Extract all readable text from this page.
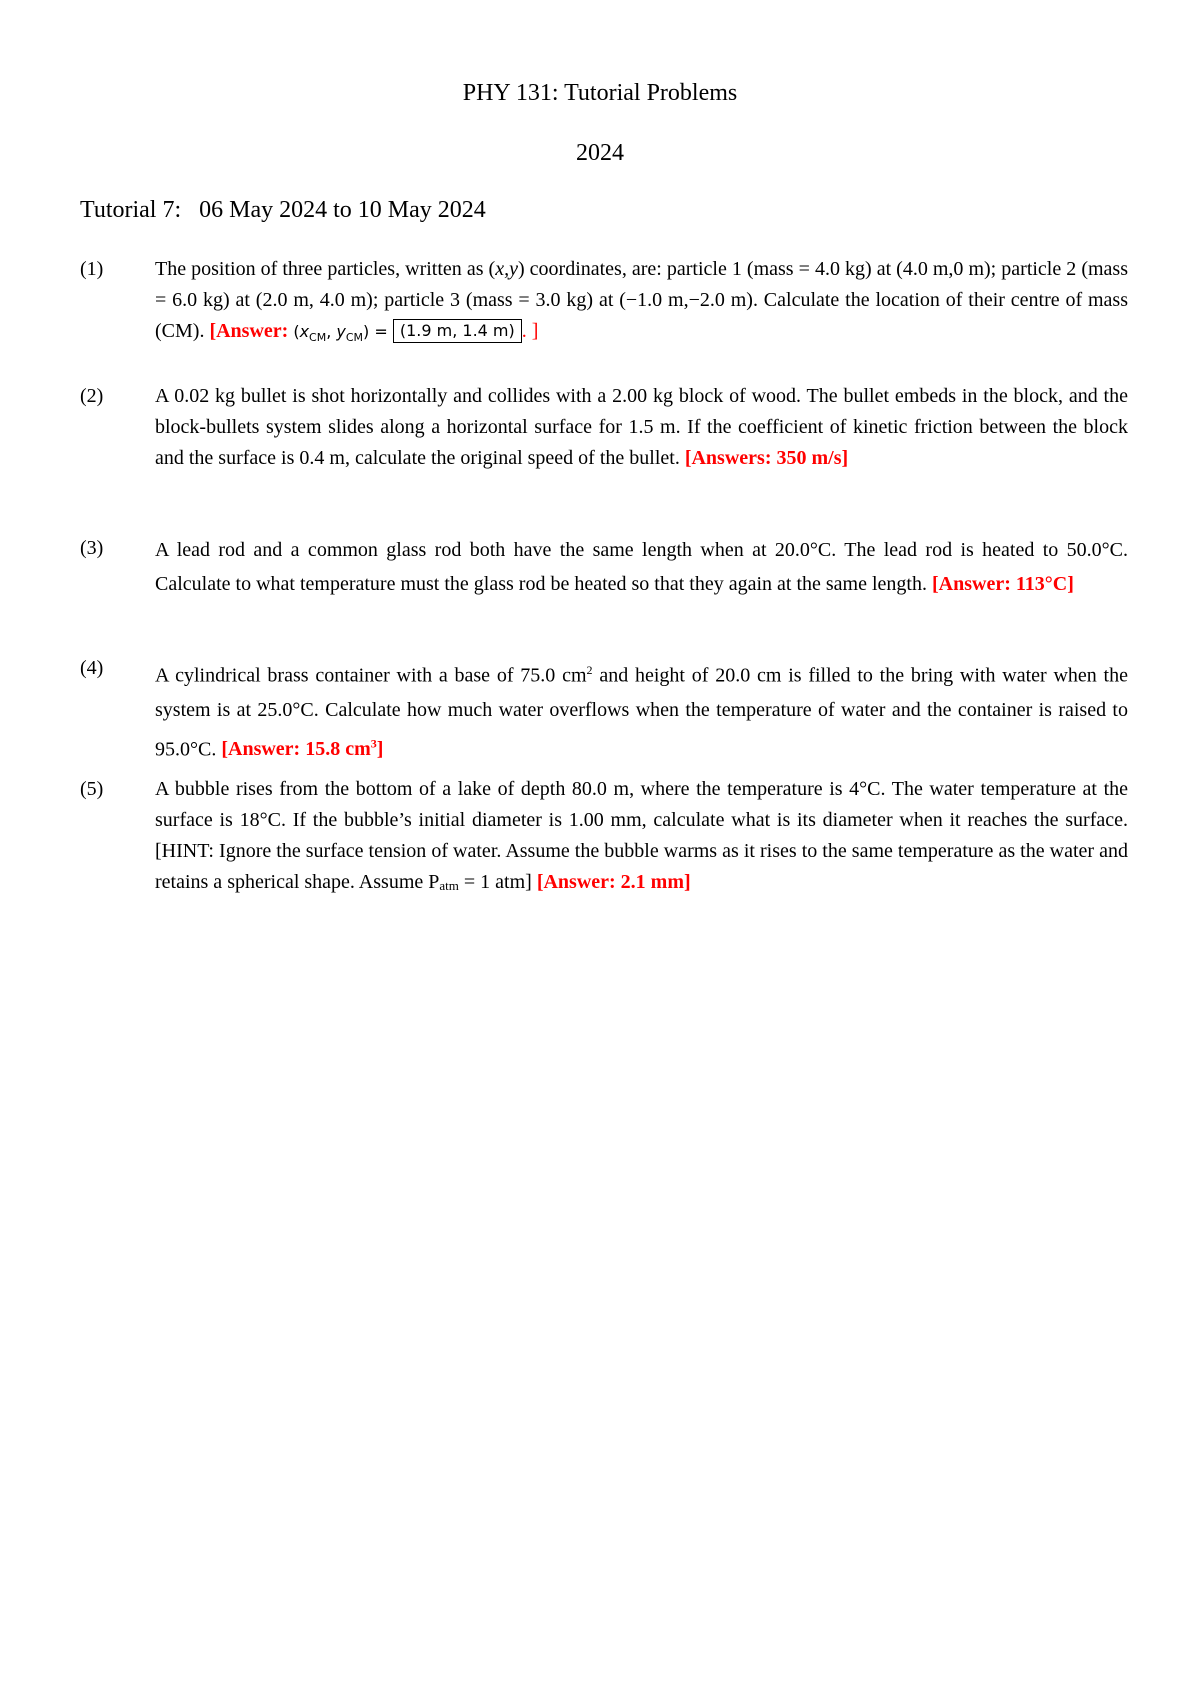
PHY 131: Tutorial Problems
2024
Tutorial 7:   06 May 2024 to 10 May 2024
(1)	The position of three particles, written as (x,y) coordinates, are: particle 1 (mass = 4.0 kg) at (4.0 m,0 m); particle 2 (mass = 6.0 kg) at (2.0 m, 4.0 m); particle 3 (mass = 3.0 kg) at (−1.0 m,−2.0 m). Calculate the location of their centre of mass (CM). [Answer: ($x_{CM}$, $y_{CM}) = (1.9$ m, 1.4 m) . ]
(2)	A 0.02 kg bullet is shot horizontally and collides with a 2.00 kg block of wood. The bullet embeds in the block, and the block-bullets system slides along a horizontal surface for 1.5 m. If the coefficient of kinetic friction between the block and the surface is 0.4 m, calculate the original speed of the bullet. [Answers: 350 m/s]
(3)	A lead rod and a common glass rod both have the same length when at 20.0°C. The lead rod is heated to 50.0°C. Calculate to what temperature must the glass rod be heated so that they again at the same length. [Answer: 113°C]
(4)	A cylindrical brass container with a base of 75.0 $cm^2$ and height of 20.0 cm is filled to the bring with water when the system is at 25.0°C. Calculate how much water overflows when the temperature of water and the container is raised to 95.0°C. [Answer: 15.8 $cm^3$]
(5)	A bubble rises from the bottom of a lake of depth 80.0 m, where the temperature is 4°C. The water temperature at the surface is 18°C. If the bubble’s initial diameter is 1.00 mm, calculate what is its diameter when it reaches the surface. [HINT: Ignore the surface tension of water. Assume the bubble warms as it rises to the same temperature as the water and retains a spherical shape. Assume $P_{atm} = 1$ atm] [Answer: 2.1 mm]
